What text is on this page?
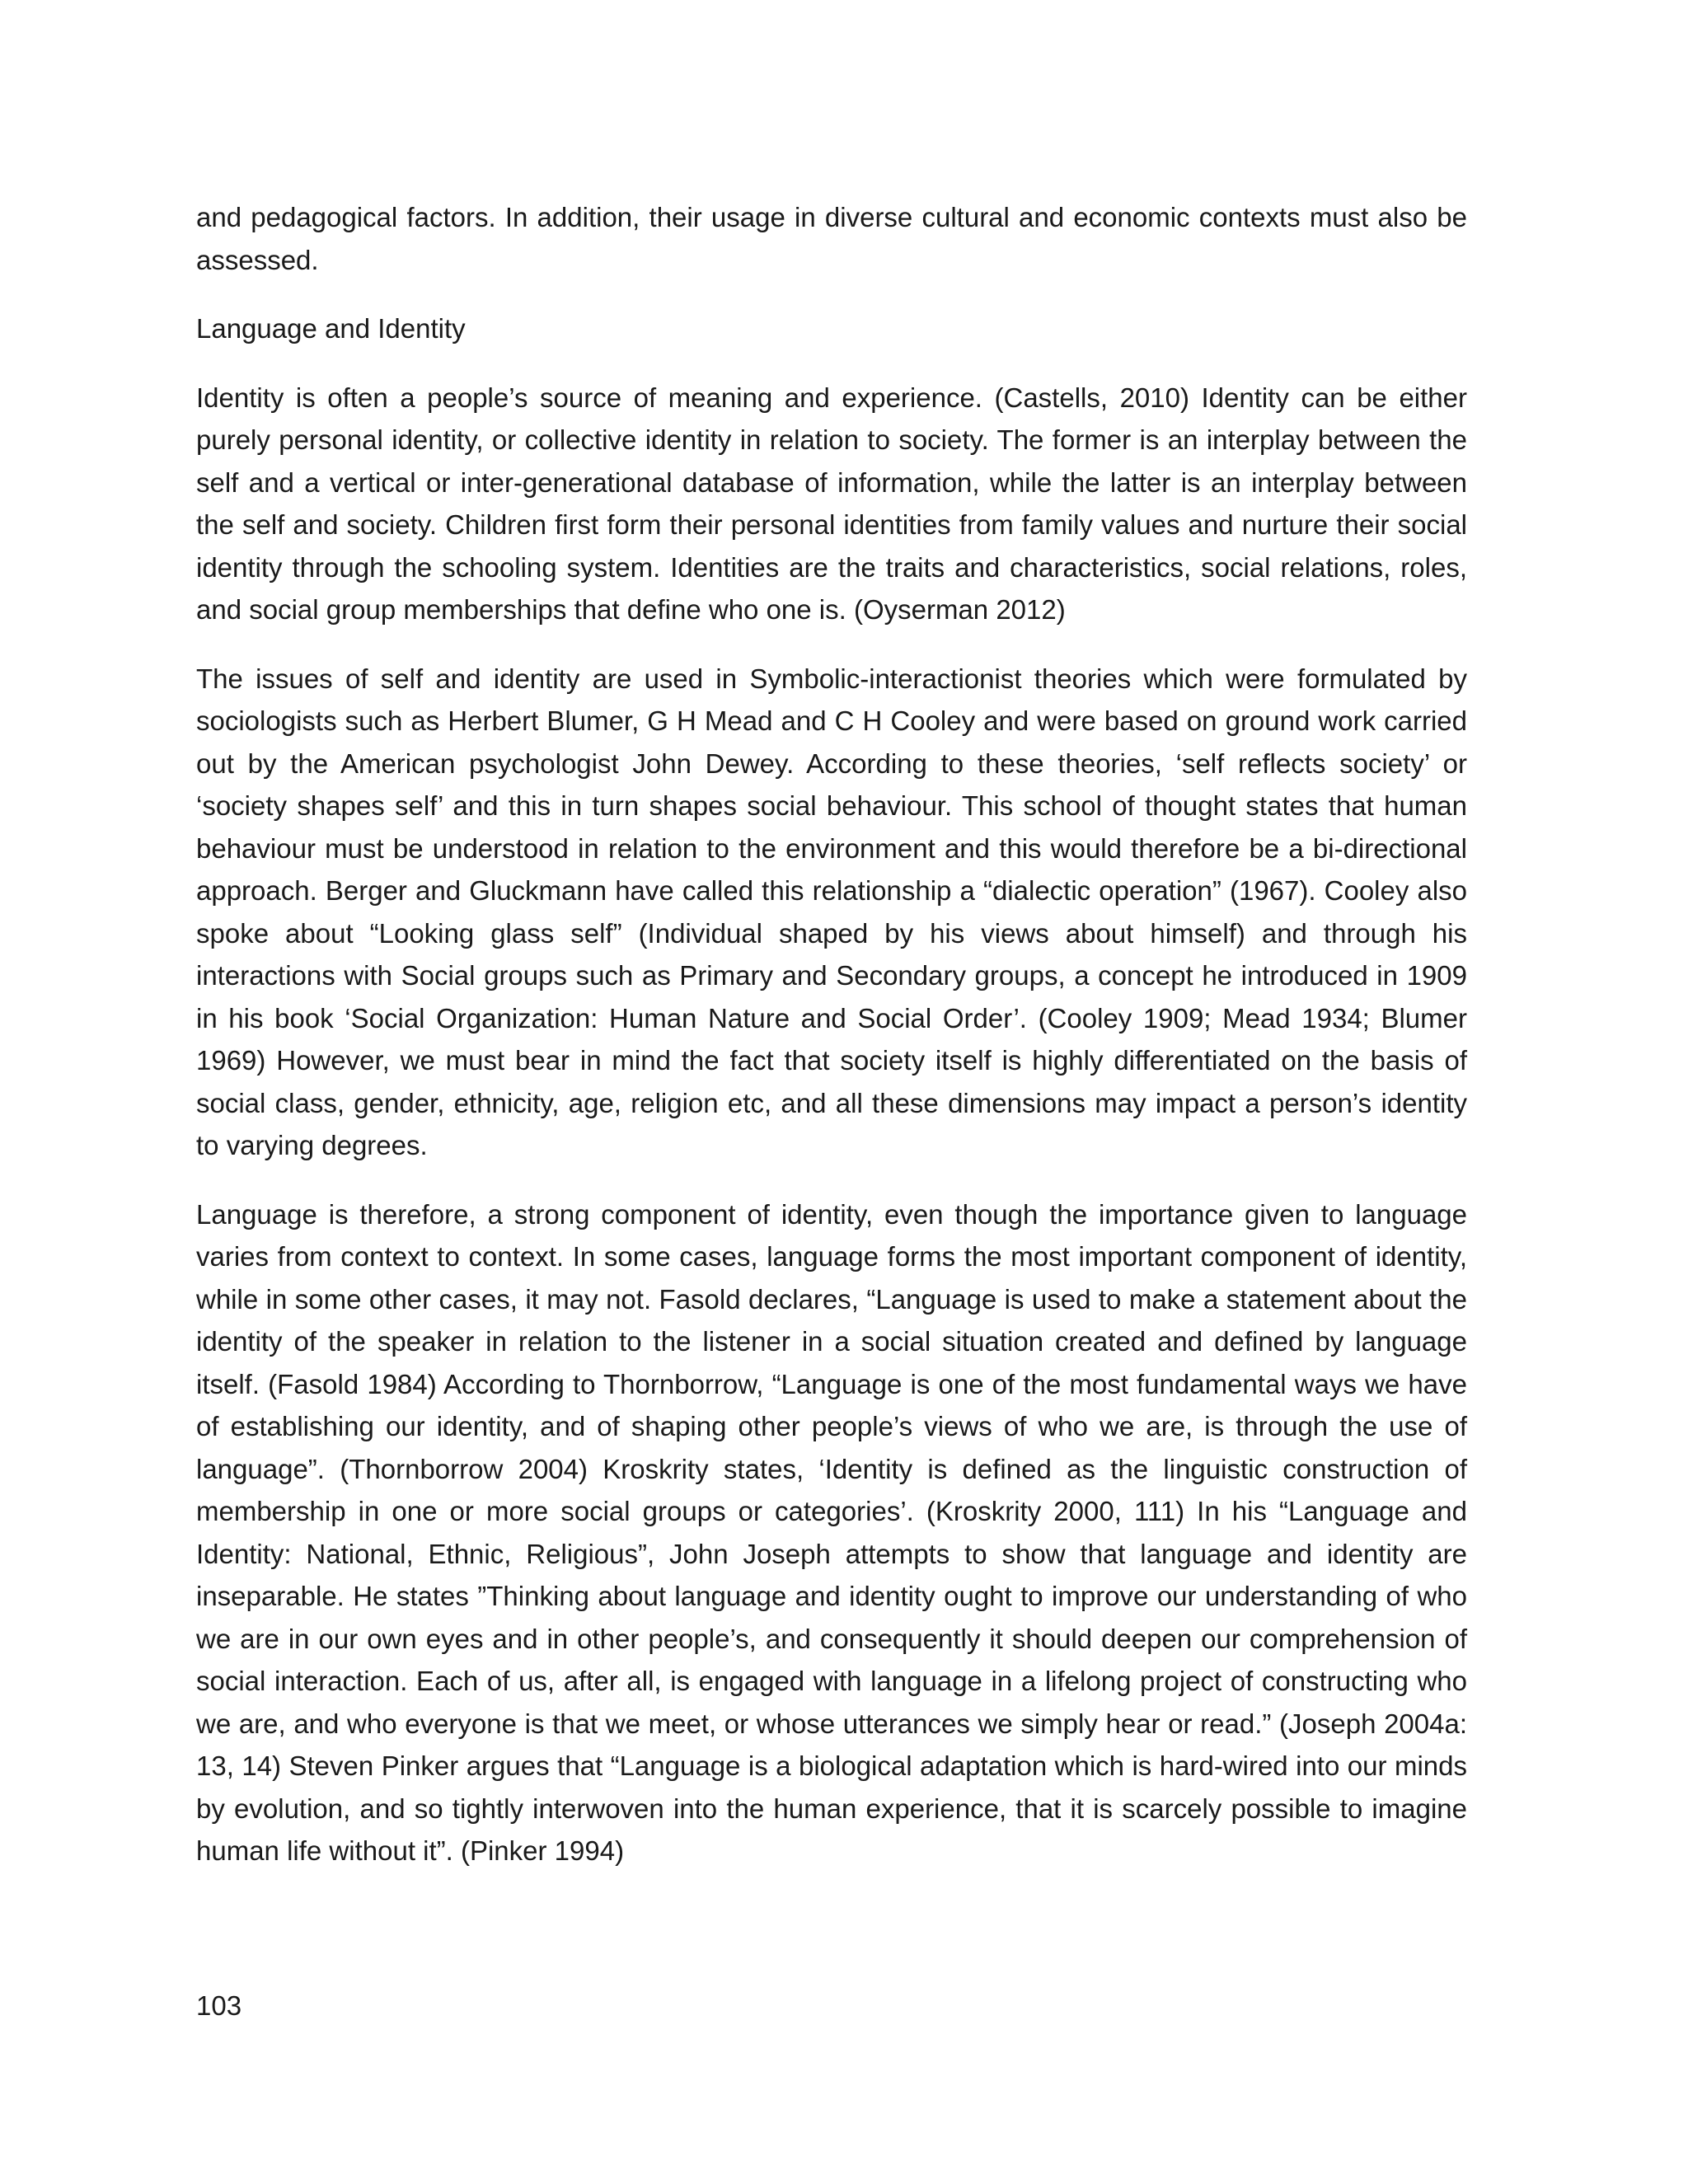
and pedagogical factors. In addition, their usage in diverse cultural and economic contexts must also be assessed.

Language and Identity

Identity is often a people’s source of meaning and experience. (Castells, 2010) Identity can be either purely personal identity, or collective identity in relation to society. The former is an interplay between the self and a vertical or inter-generational database of information, while the latter is an interplay between the self and society. Children first form their personal identities from family values and nurture their social identity through the schooling system. Identities are the traits and characteristics, social relations, roles, and social group memberships that define who one is. (Oyserman 2012)

The issues of self and identity are used in Symbolic-interactionist theories which were formulated by sociologists such as Herbert Blumer, G H Mead and C H Cooley and were based on ground work carried out by the American psychologist John Dewey. According to these theories, ‘self reflects society’ or ‘society shapes self’ and this in turn shapes social behaviour. This school of thought states that human behaviour must be understood in relation to the environment and this would therefore be a bi-directional approach. Berger and Gluckmann have called this relationship a “dialectic operation” (1967). Cooley also spoke about “Looking glass self” (Individual shaped by his views about himself) and through his interactions with Social groups such as Primary and Secondary groups, a concept he introduced in 1909 in his book ‘Social Organization: Human Nature and Social Order’. (Cooley 1909; Mead 1934; Blumer 1969) However, we must bear in mind the fact that society itself is highly differentiated on the basis of social class, gender, ethnicity, age, religion etc, and all these dimensions may impact a person’s identity to varying degrees.

Language is therefore, a strong component of identity, even though the importance given to language varies from context to context. In some cases, language forms the most important component of identity, while in some other cases, it may not. Fasold declares, “Language is used to make a statement about the identity of the speaker in relation to the listener in a social situation created and defined by language itself. (Fasold 1984) According to Thornborrow, “Language is one of the most fundamental ways we have of establishing our identity, and of shaping other people’s views of who we are, is through the use of language”. (Thornborrow 2004) Kroskrity states, ‘Identity is defined as the linguistic construction of membership in one or more social groups or categories’. (Kroskrity 2000, 111) In his “Language and Identity: National, Ethnic, Religious”, John Joseph attempts to show that language and identity are inseparable. He states ”Thinking about language and identity ought to improve our understanding of who we are in our own eyes and in other people’s, and consequently it should deepen our comprehension of social interaction. Each of us, after all, is engaged with language in a lifelong project of constructing who we are, and who everyone is that we meet, or whose utterances we simply hear or read.” (Joseph 2004a: 13, 14) Steven Pinker argues that “Language is a biological adaptation which is hard-wired into our minds by evolution, and so tightly interwoven into the human experience, that it is scarcely possible to imagine human life without it”. (Pinker 1994)

103
